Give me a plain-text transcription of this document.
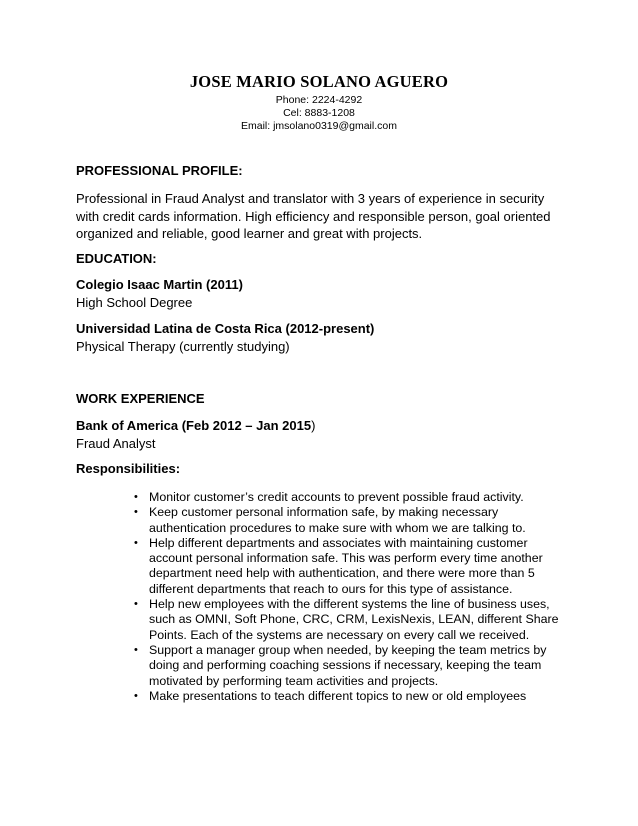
JOSE MARIO SOLANO AGUERO
Phone: 2224-4292
Cel: 8883-1208
Email: jmsolano0319@gmail.com
PROFESSIONAL PROFILE:
Professional in Fraud Analyst and translator with 3 years of experience in security with credit cards information. High efficiency and responsible person, goal oriented organized and reliable, good learner and great with projects.
EDUCATION:
Colegio Isaac Martin (2011)
High School Degree
Universidad Latina de Costa Rica (2012-present)
Physical Therapy (currently studying)
WORK EXPERIENCE
Bank of America (Feb 2012 – Jan 2015)
Fraud Analyst
Responsibilities:
• Monitor customer’s credit accounts to prevent possible fraud activity.
• Keep customer personal information safe, by making necessary authentication procedures to make sure with whom we are talking to.
• Help different departments and associates with maintaining customer account personal information safe. This was perform every time another department need help with authentication, and there were more than 5 different departments that reach to ours for this type of assistance.
• Help new employees with the different systems the line of business uses, such as OMNI, Soft Phone, CRC, CRM, LexisNexis, LEAN, different Share Points. Each of the systems are necessary on every call we received.
• Support a manager group when needed, by keeping the team metrics by doing and performing coaching sessions if necessary, keeping the team motivated by performing team activities and projects.
• Make presentations to teach different topics to new or old employees
